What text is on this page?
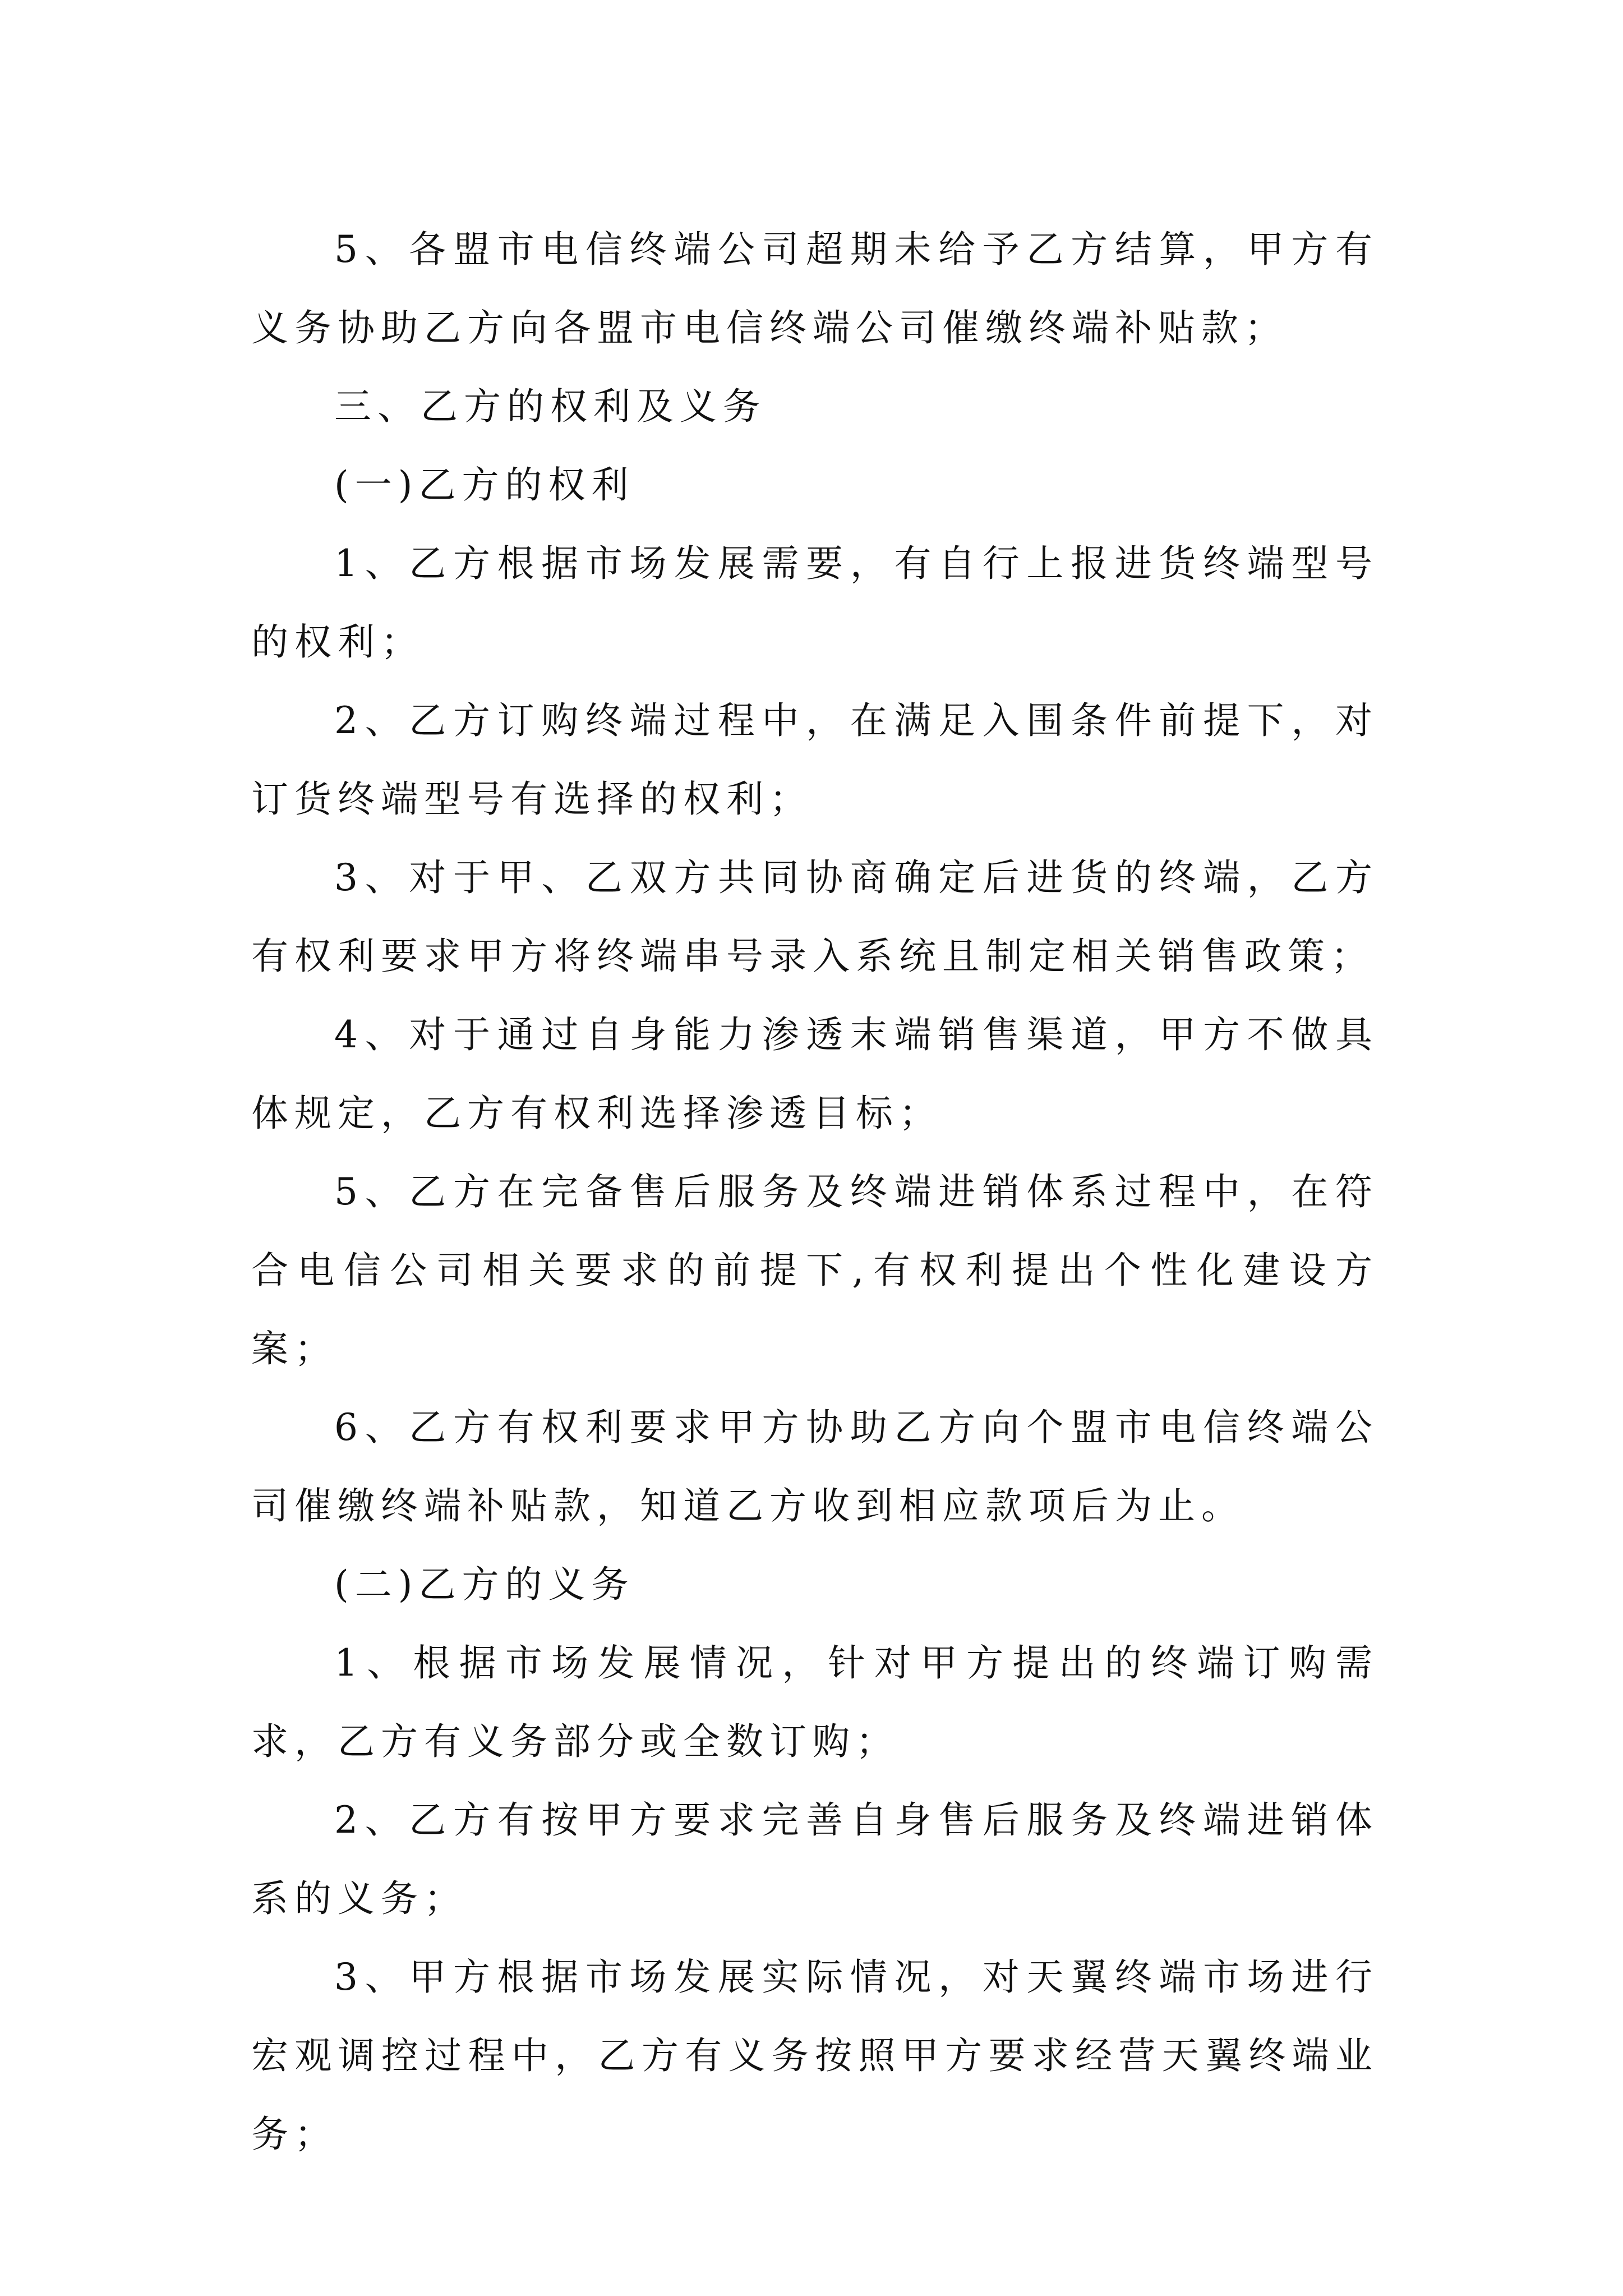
5、各盟市电信终端公司超期未给予乙方结算，甲方有义务协助乙方向各盟市电信终端公司催缴终端补贴款；

三、乙方的权利及义务

(一)乙方的权利

1、乙方根据市场发展需要，有自行上报进货终端型号的权利；

2、乙方订购终端过程中，在满足入围条件前提下，对订货终端型号有选择的权利；

3、对于甲、乙双方共同协商确定后进货的终端，乙方有权利要求甲方将终端串号录入系统且制定相关销售政策；

4、对于通过自身能力渗透末端销售渠道，甲方不做具体规定，乙方有权利选择渗透目标；

5、乙方在完备售后服务及终端进销体系过程中，在符合电信公司相关要求的前提下,有权利提出个性化建设方案；

6、乙方有权利要求甲方协助乙方向个盟市电信终端公司催缴终端补贴款，知道乙方收到相应款项后为止。

(二)乙方的义务

1、根据市场发展情况，针对甲方提出的终端订购需求，乙方有义务部分或全数订购；

2、乙方有按甲方要求完善自身售后服务及终端进销体系的义务；

3、甲方根据市场发展实际情况，对天翼终端市场进行宏观调控过程中，乙方有义务按照甲方要求经营天翼终端业务；
